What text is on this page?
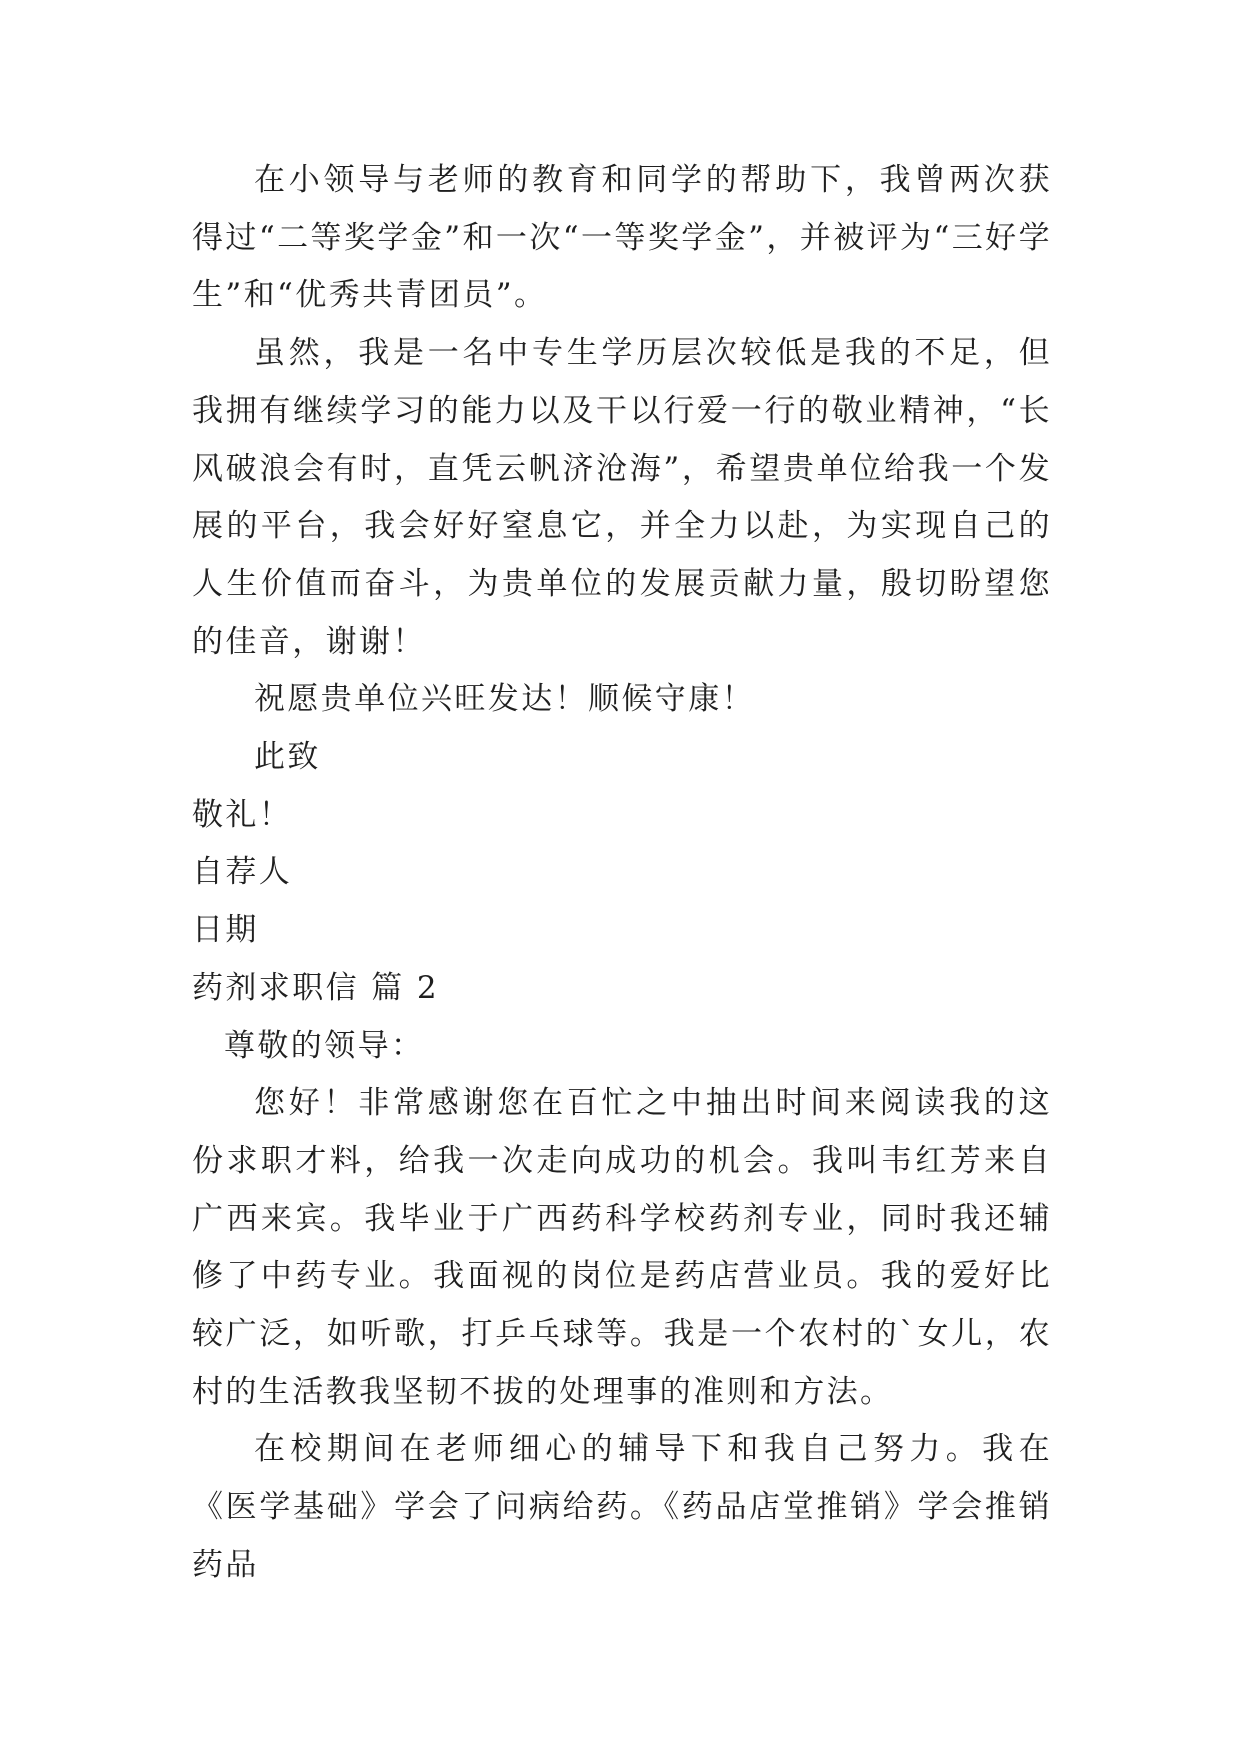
在小领导与老师的教育和同学的帮助下，我曾两次获得过“二等奖学金”和一次“一等奖学金”，并被评为“三好学生”和“优秀共青团员”。

虽然，我是一名中专生学历层次较低是我的不足，但我拥有继续学习的能力以及干以行爱一行的敬业精神，“长风破浪会有时，直凭云帆济沧海”，希望贵单位给我一个发展的平台，我会好好窒息它，并全力以赴，为实现自己的人生价值而奋斗，为贵单位的发展贡献力量，殷切盼望您的佳音，谢谢！

祝愿贵单位兴旺发达！顺候守康！

此致

敬礼！

自荐人

日期

药剂求职信 篇 2

尊敬的领导：

您好！非常感谢您在百忙之中抽出时间来阅读我的这份求职才料，给我一次走向成功的机会。我叫韦红芳来自广西来宾。我毕业于广西药科学校药剂专业，同时我还辅修了中药专业。我面视的岗位是药店营业员。我的爱好比较广泛，如听歌，打乒乓球等。我是一个农村的`女儿，农村的生活教我坚韧不拔的处理事的准则和方法。

在校期间在老师细心的辅导下和我自己努力。我在《医学基础》学会了问病给药。《药品店堂推销》学会推销药品
